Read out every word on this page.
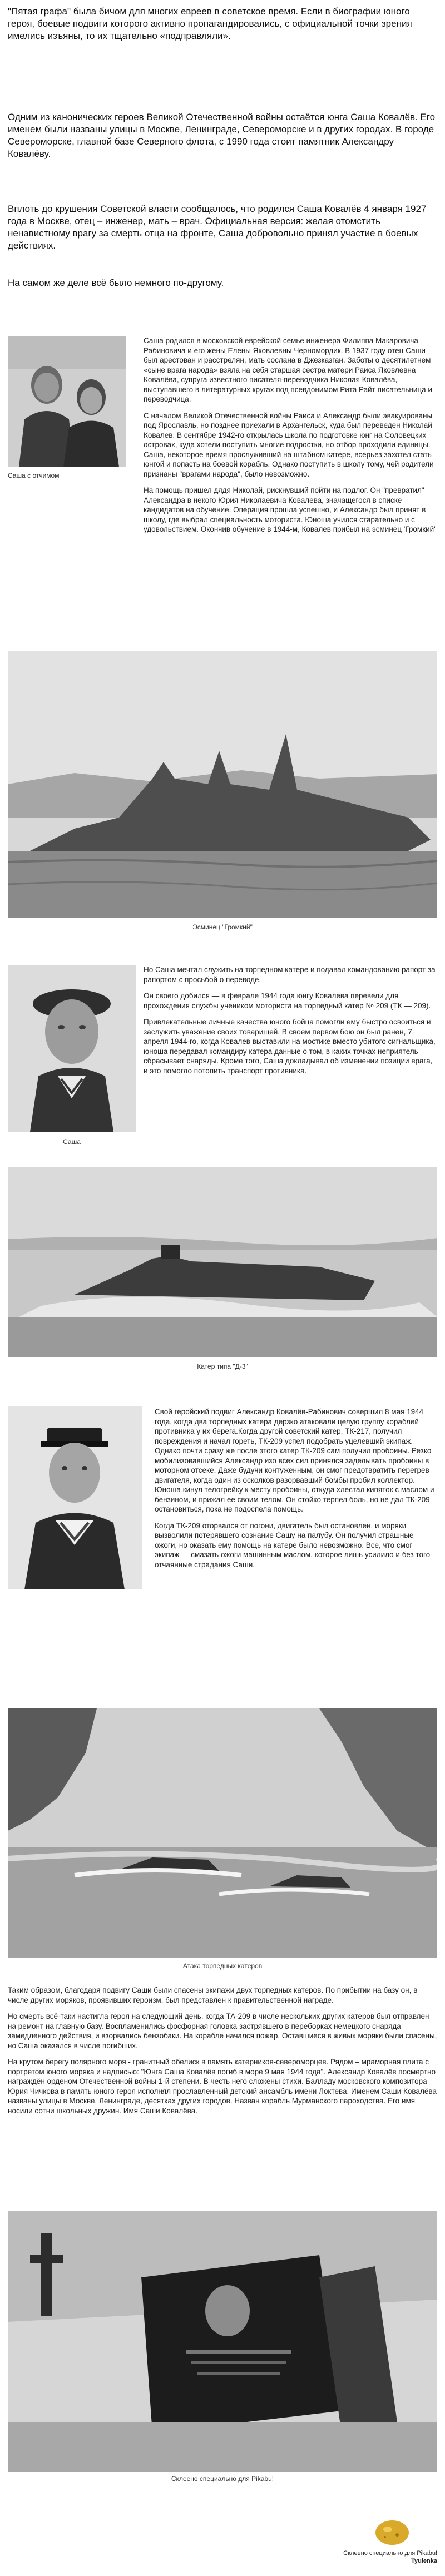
"Пятая графа" была бичом для многих евреев в советское время. Если в биографии юного героя, боевые подвиги которого активно пропагандировались, с официальной точки зрения имелись изъяны, то их тщательно «подправляли».

Одним из канонических героев Великой Отечественной войны остаётся юнга Саша Ковалёв. Его именем были названы улицы в Москве, Ленинграде, Североморске и в других городах. В городе Североморске, главной базе Северного флота, с 1990 года стоит памятник Александру Ковалёву.

Вплоть до крушения Советской власти сообщалось, что родился Саша Ковалёв 4 января 1927 года в Москве, отец – инженер, мать – врач. Официальная версия: желая отомстить ненавистному врагу за смерть отца на фронте, Саша добровольно принял участие в боевых действиях.

На самом же деле всё было немного по-другому.

Саша с отчимом

Саша родился в московской еврейской семье инженера Филиппа Макаровича Рабиновича и его жены Елены Яковлевны Черномордик. В 1937 году отец Саши был арестован и расстрелян, мать сослана в Джезказган. Заботы о десятилетнем «сыне врага народа» взяла на себя старшая сестра матери Раиса Яковлевна Ковалёва, супруга известного писателя-переводчика Николая Ковалёва, выступавшего в литературных кругах под псевдонимом Рита Райт писательница и переводчица.

С началом Великой Отечественной войны Раиса и Александр были эвакуированы под Ярославль, но позднее приехали в Архангельск, куда был переведен Николай Ковалев. В сентябре 1942-го открылась школа по подготовке юнг на Соловецких островах, куда хотели поступить многие подростки, но отбор проходили единицы. Саша, некоторое время прослуживший на штабном катере, всерьез захотел стать юнгой и попасть на боевой корабль. Однако поступить в школу тому, чей родители признаны "врагами народа", было невозможно.

На помощь пришел дядя Николай, рискнувший пойти на подлог. Он "превратил" Александра в некого Юрия Николаевича Ковалева, значащегося в списке кандидатов на обучение. Операция прошла успешно, и Александр был принят в школу, где выбрал специальность моториста. Юноша учился старательно и с удовольствием. Окончив обучение в 1944-м, Ковалев прибыл на эсминец 'Громкий'

Эсминец "Громкий"
Саша

Но Саша мечтал служить на торпедном катере и подавал командованию рапорт за рапортом с просьбой о переводе.

Он своего добился — в феврале 1944 года юнгу Ковалева перевели для прохождения службы учеником моториста на торпедный катер № 209 (ТК — 209).

Привлекательные личные качества юного бойца помогли ему быстро освоиться и заслужить уважение своих товарищей. В своем первом бою он был ранен, 7 апреля 1944-го, когда Ковалев выставили на мостике вместо убитого сигнальщика, юноша передавал командиру катера данные о том, в каких точках неприятель сбрасывает снаряды. Кроме того, Саша докладывал об изменении позиции врага, и это помогло потопить транспорт противника.

Катер типа "Д-3"

Свой геройский подвиг Александр Ковалёв-Рабинович совершил 8 мая 1944 года, когда два торпедных катера дерзко атаковали целую группу кораблей противника у их берега.Когда другой советский катер, ТК-217, получил повреждения и начал гореть, ТК-209 успел подобрать уцелевший экипаж. Однако почти сразу же после этого катер ТК-209 сам получил пробоины. Резко мобилизовавшийся Александр изо всех сил принялся заделывать пробоины в моторном отсеке. Даже будучи контуженным, он смог предотвратить перегрев двигателя, когда один из осколков разорвавший бомбы пробил коллектор. Юноша кинул телогрейку к месту пробоины, откуда хлестал кипяток с маслом и бензином, и прижал ее своим телом. Он стойко терпел боль, но не дал ТК-209 остановиться, пока не подоспела помощь.

Когда ТК-209 оторвался от погони, двигатель был остановлен, и моряки вызволили потерявшего сознание Сашу на палубу. Он получил страшные ожоги, но оказать ему помощь на катере было невозможно. Все, что смог экипаж — смазать ожоги машинным маслом, которое лишь усилило и без того отчаянные страдания Саши.

Атака торпедных катеров

Таким образом, благодаря подвигу Саши были спасены экипажи двух торпедных катеров. По прибытии на базу он, в числе других моряков, проявивших героизм, был представлен к правительственной награде.

Но смерть всё-таки настигла героя на следующий день, когда ТА-209 в числе нескольких других катеров был отправлен на ремонт на главную базу. Воспламенились фосфорная головка застрявшего в переборках немецкого снаряда замедленного действия, и взорвались бензобаки. На корабле начался пожар. Оставшиеся в живых моряки были спасены, но Саша оказался в числе погибших.

На крутом берегу полярного моря - гранитный обелиск в память катерников-североморцев. Рядом – мраморная плита с портретом юного моряка и надписью: "Юнга Саша Ковалёв погиб в море 9 мая 1944 года". Александр Ковалёв посмертно награждён орденом Отечественной войны 1-й степени. В честь него сложены стихи. Балладу московского композитора Юрия Чичкова в память юного героя исполнял прославленный детский ансамбль имени Локтева. Именем Саши Ковалёва названы улицы в Москве, Ленинграде, десятках других городов. Назван корабль Мурманского пароходства. Его имя носили сотни школьных дружин. Имя Саши Ковалёва.

Склеено специально для Pikabu!
Склеено специально для Pikabu!
Tyulenka
